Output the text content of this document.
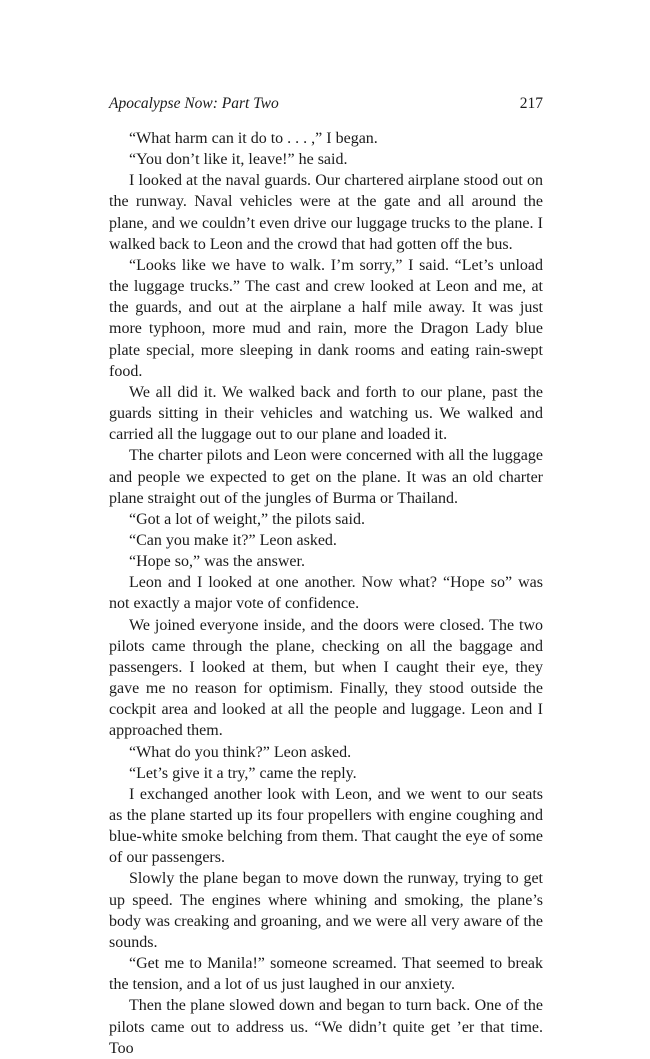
Apocalypse Now: Part Two	217

“What harm can it do to . . . ,” I began.

“You don’t like it, leave!” he said.

I looked at the naval guards. Our chartered airplane stood out on the runway. Naval vehicles were at the gate and all around the plane, and we couldn’t even drive our luggage trucks to the plane. I walked back to Leon and the crowd that had gotten off the bus.

“Looks like we have to walk. I’m sorry,” I said. “Let’s unload the luggage trucks.” The cast and crew looked at Leon and me, at the guards, and out at the airplane a half mile away. It was just more typhoon, more mud and rain, more the Dragon Lady blue plate special, more sleeping in dank rooms and eating rain-swept food.

We all did it. We walked back and forth to our plane, past the guards sitting in their vehicles and watching us. We walked and carried all the luggage out to our plane and loaded it.

The charter pilots and Leon were concerned with all the luggage and people we expected to get on the plane. It was an old charter plane straight out of the jungles of Burma or Thailand.

“Got a lot of weight,” the pilots said.

“Can you make it?” Leon asked.

“Hope so,” was the answer.

Leon and I looked at one another. Now what? “Hope so” was not exactly a major vote of confidence.

We joined everyone inside, and the doors were closed. The two pilots came through the plane, checking on all the baggage and passengers. I looked at them, but when I caught their eye, they gave me no reason for optimism. Finally, they stood outside the cockpit area and looked at all the people and luggage. Leon and I approached them.

“What do you think?” Leon asked.

“Let’s give it a try,” came the reply.

I exchanged another look with Leon, and we went to our seats as the plane started up its four propellers with engine coughing and blue-white smoke belching from them. That caught the eye of some of our passengers.

Slowly the plane began to move down the runway, trying to get up speed. The engines where whining and smoking, the plane’s body was creaking and groaning, and we were all very aware of the sounds.

“Get me to Manila!” someone screamed. That seemed to break the tension, and a lot of us just laughed in our anxiety.

Then the plane slowed down and began to turn back. One of the pilots came out to address us. “We didn’t quite get ’er that time. Too
